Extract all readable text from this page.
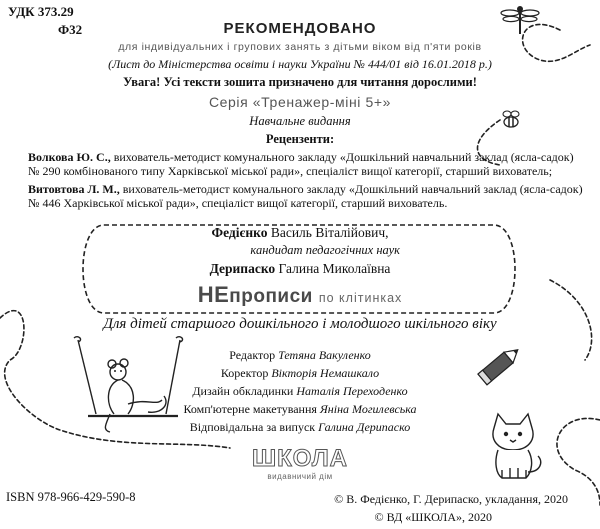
УДК 373.29
Ф32	РЕКОМЕНДОВАНО
для індивідуальних і групових занять з дітьми віком від п'яти років
(Лист до Міністерства освіти і науки України № 444/01 від 16.01.2018 р.)
Увага! Усі тексти зошита призначено для читання дорослими!
Серія «Тренажер-міні 5+»
Навчальне видання
Рецензенти:
Волкова Ю. С., вихователь-методист комунального закладу «Дошкільний навчальний заклад (ясла-садок) № 290 комбінованого типу Харківської міської ради», спеціаліст вищої категорії, старший вихователь;
Витовтова Л. М., вихователь-методист комунального закладу «Дошкільний навчальний заклад (ясла-садок) № 446 Харківської міської ради», спеціаліст вищої категорії, старший вихователь.
Федієнко Василь Віталійович,
кандидат педагогічних наук
Дерипаско Галина Миколаївна
НЕпрописи по клітинках
Для дітей старшого дошкільного і молодшого шкільного віку
Редактор Тетяна Вакуленко
Коректор Вікторія Немашкало
Дизайн обкладинки Наталія Переходенко
Комп'ютерне макетування Яніна Могилевська
Відповідальна за випуск Галина Дерипаско
ШКОЛА
видавничий дім
ISBN 978-966-429-590-8	© В. Федієнко, Г. Дерипаско, укладання, 2020
© ВД «ШКОЛА», 2020
